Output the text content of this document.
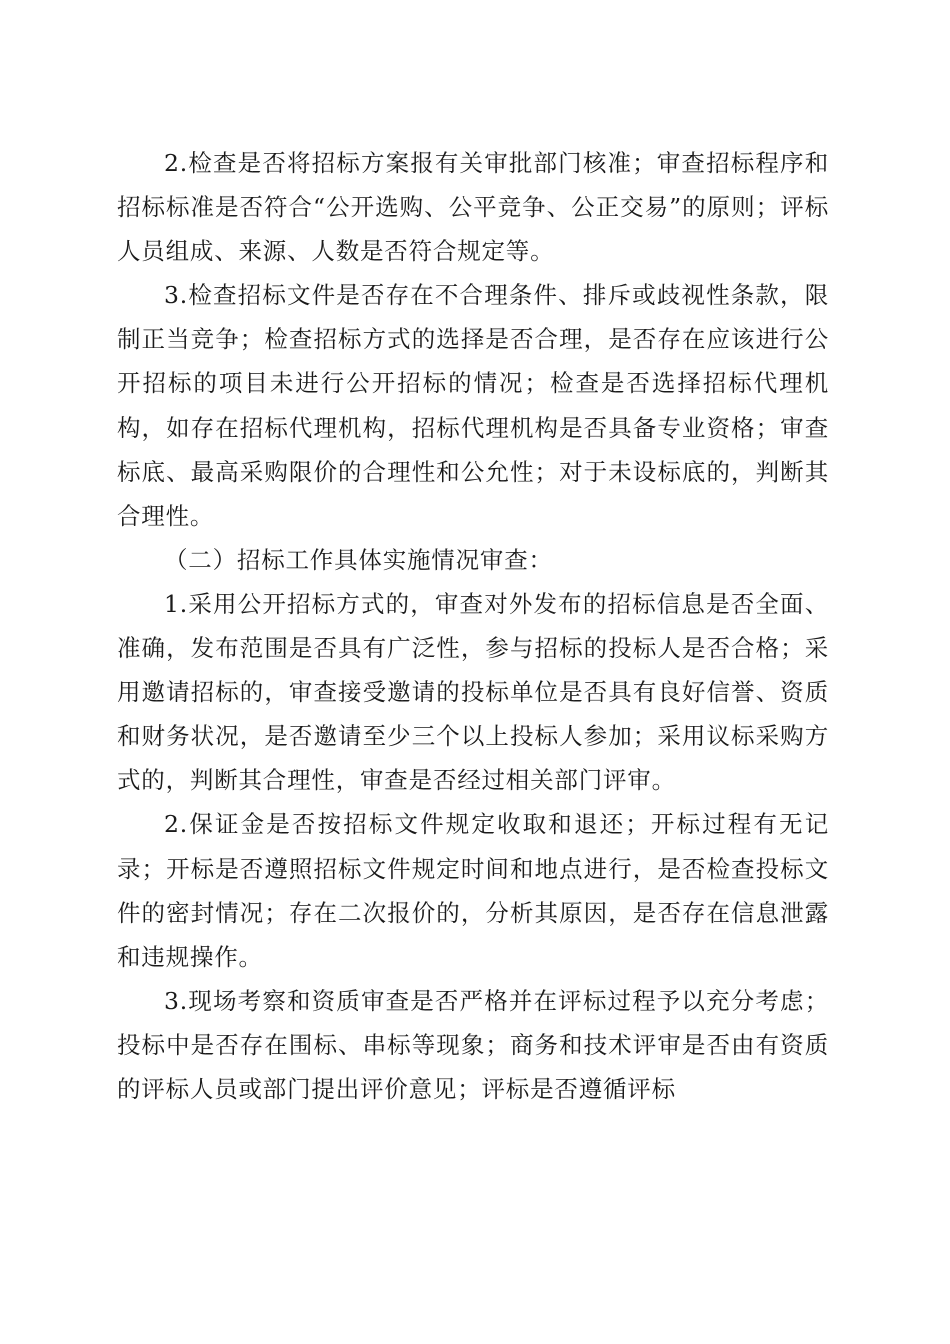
2.检查是否将招标方案报有关审批部门核准；审查招标程序和招标标准是否符合“公开选购、公平竞争、公正交易”的原则；评标人员组成、来源、人数是否符合规定等。

3.检查招标文件是否存在不合理条件、排斥或歧视性条款，限制正当竞争；检查招标方式的选择是否合理，是否存在应该进行公开招标的项目未进行公开招标的情况；检查是否选择招标代理机构，如存在招标代理机构，招标代理机构是否具备专业资格；审查标底、最高采购限价的合理性和公允性；对于未设标底的，判断其合理性。

（二）招标工作具体实施情况审查：

1.采用公开招标方式的，审查对外发布的招标信息是否全面、准确，发布范围是否具有广泛性，参与招标的投标人是否合格；采用邀请招标的，审查接受邀请的投标单位是否具有良好信誉、资质和财务状况，是否邀请至少三个以上投标人参加；采用议标采购方式的，判断其合理性，审查是否经过相关部门评审。

2.保证金是否按招标文件规定收取和退还；开标过程有无记录；开标是否遵照招标文件规定时间和地点进行，是否检查投标文件的密封情况；存在二次报价的，分析其原因，是否存在信息泄露和违规操作。

3.现场考察和资质审查是否严格并在评标过程予以充分考虑；投标中是否存在围标、串标等现象；商务和技术评审是否由有资质的评标人员或部门提出评价意见；评标是否遵循评标
